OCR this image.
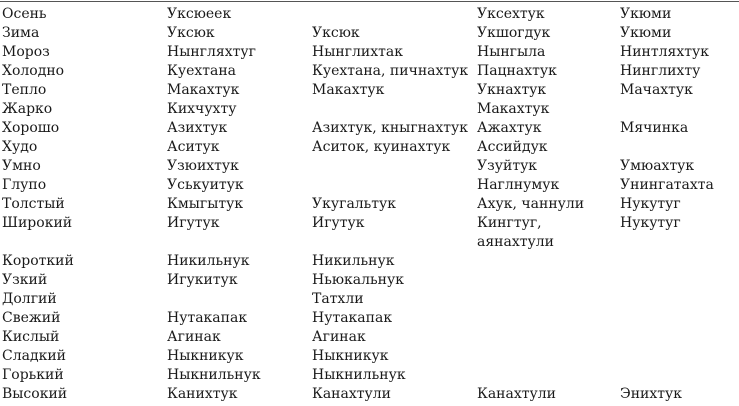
Осень	Уксюеек		Уксехтук	Укюми
Зима	Уксюк	Уксюк	Укшогдук	Укюми
Мороз	Нынгляхтуг	Нынглихтак	Нынгыла	Нинтляхтук
Холодно	Куехтана	Куехтана, пичнахтук	Пацнахтук	Нинглихту
Тепло	Макахтук	Макахтук	Укнахтук	Мачахтук
Жарко	Кихчухту		Макахтук	
Хорошо	Азихтук	Азихтук, кныгнахтук	Ажахтук	Мячинка
Худо	Аситук	Аситок, куинахтук	Ассийдук	
Умно	Узюихтук		Узуйтук	Умюахтук
Глупо	Уськуитук		Наглнумук	Унингатахта
Толстый	Кмыгытук	Укугальтук	Ахук, чаннули	Нукутуг
Широкий	Игутук	Игутук	Кингтуг, аянахтули	Нукутуг
Короткий	Никильнук	Никильнук		
Узкий	Игукитук	Ньюкальнук		
Долгий		Татхли		
Свежий	Нутакапак	Нутакапак		
Кислый	Агинак	Агинак		
Сладкий	Ныкникук	Ныкникук		
Горький	Ныкнильнук	Ныкнильнук		
Высокий	Канихтук	Канахтули	Канахтули	Энихтук
